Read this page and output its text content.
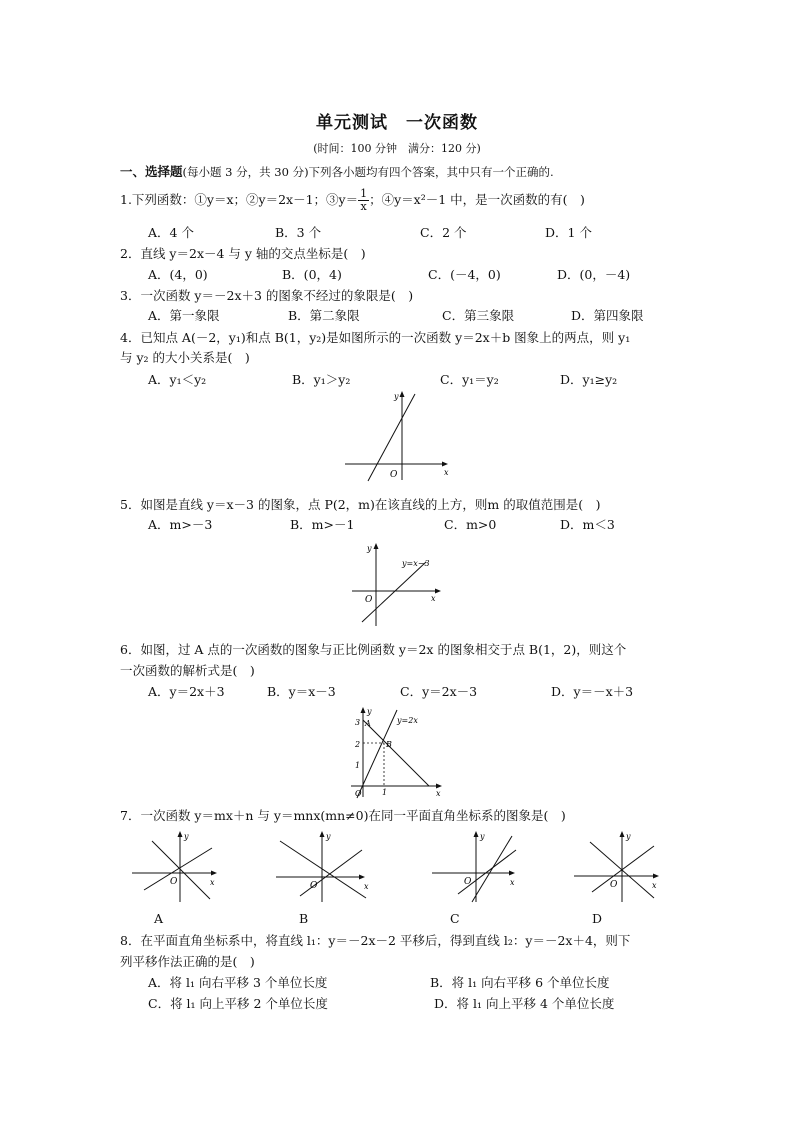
单元测试　一次函数
(时间：100 分钟　满分：120 分)
一、选择题(每小题 3 分，共 30 分)下列各小题均有四个答案，其中只有一个正确的.
1.下列函数：①y＝x；②y＝2x－1；③y＝ $\frac{1}{x}$ ；④y＝x²－1 中，是一次函数的有(　)
A．4 个	B．3 个	C．2 个	D．1 个
2．直线 y＝2x－4 与 y 轴的交点坐标是(　)
A．(4，0)	B．(0，4)	C．(－4，0)	D．(0，－4)
3．一次函数 y＝－2x＋3 的图象不经过的象限是(　)
A．第一象限	B．第二象限	C．第三象限	D．第四象限
4．已知点 A(－2，y₁)和点 B(1，y₂)是如图所示的一次函数 y＝2x＋b 图象上的两点，则 y₁
与 y₂ 的大小关系是(　)
A．y₁＜y₂	B．y₁＞y₂	C．y₁＝y₂	D．y₁≥y₂
x
y
O
5．如图是直线 y＝x－3 的图象，点 P(2，m)在该直线的上方，则m 的取值范围是(　)
A．m>－3	B．m>－1	C．m>0	D．m＜3
x
y
O
y=x−3
6．如图，过 A 点的一次函数的图象与正比例函数 y＝2x 的图象相交于点 B(1，2)，则这个
一次函数的解析式是(　)
A．y＝2x＋3	B．y＝x－3	C．y＝2x－3	D．y＝－x＋3
3
2
1
1
A
B
y=2x
O	x
y
7．一次函数 y＝mx＋n 与 y＝mnx(mn≠0)在同一平面直角坐标系的图象是(　)
O	x
y
O	x
y
O	x
y
O	x
y
A	B	C	D
8．在平面直角坐标系中，将直线 l₁：y＝－2x－2 平移后，得到直线 l₂：y＝－2x＋4，则下
列平移作法正确的是(　)
A．将 l₁ 向右平移 3 个单位长度	B．将 l₁ 向右平移 6 个单位长度
C．将 l₁ 向上平移 2 个单位长度	D．将 l₁ 向上平移 4 个单位长度
